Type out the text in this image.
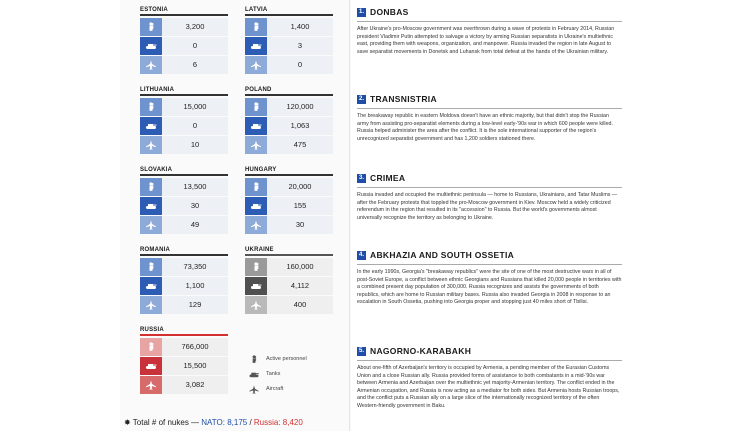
ESTONIA
3,200
0
6
LATVIA
1,400
3
0
LITHUANIA
15,000
0
10
POLAND
120,000
1,063
475
SLOVAKIA
13,500
30
49
HUNGARY
20,000
155
30
ROMANIA
73,350
1,100
129
UKRAINE
160,000
4,112
400
RUSSIA
766,000
15,500
3,082
Active personnel
Tanks
Aircraft
✸ Total # of nukes — NATO: 8,175 / Russia: 8,420
1. DONBAS
After Ukraine's pro-Moscow government was overthrown during a wave of protests in February 2014, Russian president Vladimir Putin attempted to salvage a victory by arming Russian separatists in Ukraine's multiethnic east, providing them with weapons, organization, and manpower. Russia invaded the region in late August to save separatist movements in Donetsk and Luhansk from total defeat at the hands of the Ukrainian military.
2. TRANSNISTRIA
The breakaway republic in eastern Moldova doesn't have an ethnic majority, but that didn't stop the Russian army from assisting pro-separatist elements during a low-level early-'90s war in which 600 people were killed. Russia helped administer the area after the conflict. It is the sole international supporter of the region's unrecognized separatist government and has 1,200 soldiers stationed there.
3. CRIMEA
Russia invaded and occupied the multiethnic peninsula — home to Russians, Ukrainians, and Tatar Muslims — after the February protests that toppled the pro-Moscow government in Kiev. Moscow held a widely criticized referendum in the region that resulted in its "accession" to Russia. But the world's governments almost universally recognize the territory as belonging to Ukraine.
4. ABKHAZIA AND SOUTH OSSETIA
In the early 1990s, Georgia's "breakaway republics" were the site of one of the most destructive wars in all of post-Soviet Europe, a conflict between ethnic Georgians and Russians that killed 20,000 people in territories with a combined present day population of 300,000. Russia recognizes and assists the governments of both republics, which are home to Russian military bases. Russia also invaded Georgia in 2008 in response to an escalation in South Ossetia, pushing into Georgia proper and stopping just 40 miles short of Tbilisi.
5. NAGORNO-KARABAKH
About one-fifth of Azerbaijan's territory is occupied by Armenia, a pending member of the Eurasian Customs Union and a close Russian ally. Russia provided forms of assistance to both combatants in a mid-'90s war between Armenia and Azerbaijan over the multiethnic yet majority-Armenian territory. The conflict ended in the Armenian occupation, and Russia is now acting as a mediator for both sides. But Armenia hosts Russian troops, and the conflict puts a Russian ally on a large slice of the internationally recognized territory of the often Western-friendly government in Baku.
